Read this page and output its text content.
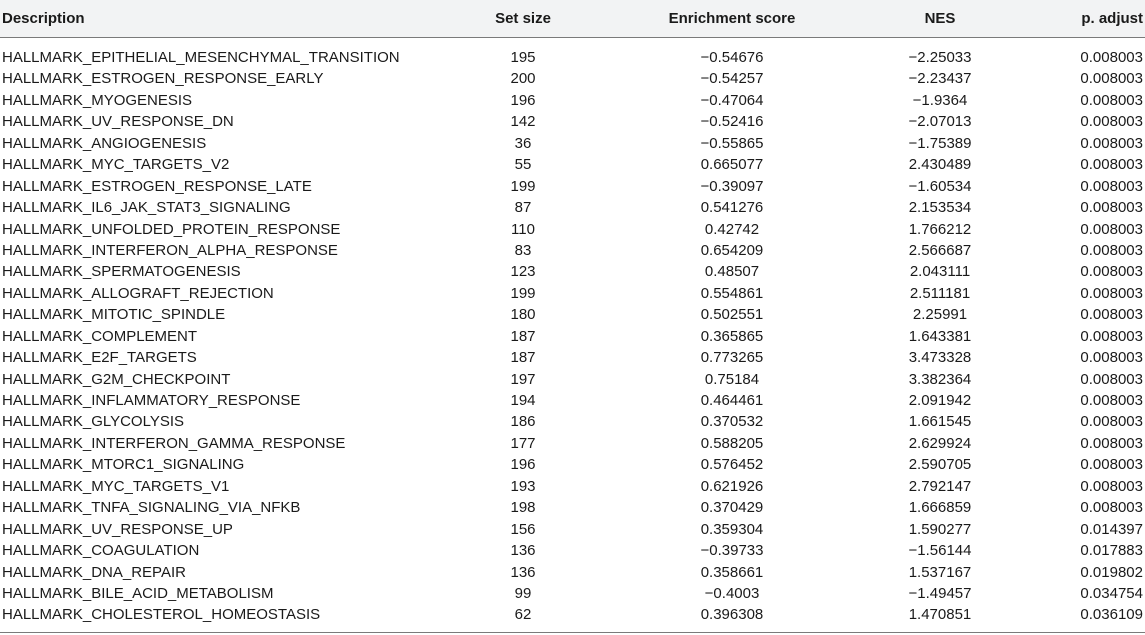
Description	Set size	Enrichment score	NES	p. adjust
HALLMARK_EPITHELIAL_MESENCHYMAL_TRANSITION	195	−0.54676	−2.25033	0.008003
HALLMARK_ESTROGEN_RESPONSE_EARLY	200	−0.54257	−2.23437	0.008003
HALLMARK_MYOGENESIS	196	−0.47064	−1.9364	0.008003
HALLMARK_UV_RESPONSE_DN	142	−0.52416	−2.07013	0.008003
HALLMARK_ANGIOGENESIS	36	−0.55865	−1.75389	0.008003
HALLMARK_MYC_TARGETS_V2	55	0.665077	2.430489	0.008003
HALLMARK_ESTROGEN_RESPONSE_LATE	199	−0.39097	−1.60534	0.008003
HALLMARK_IL6_JAK_STAT3_SIGNALING	87	0.541276	2.153534	0.008003
HALLMARK_UNFOLDED_PROTEIN_RESPONSE	110	0.42742	1.766212	0.008003
HALLMARK_INTERFERON_ALPHA_RESPONSE	83	0.654209	2.566687	0.008003
HALLMARK_SPERMATOGENESIS	123	0.48507	2.043111	0.008003
HALLMARK_ALLOGRAFT_REJECTION	199	0.554861	2.511181	0.008003
HALLMARK_MITOTIC_SPINDLE	180	0.502551	2.25991	0.008003
HALLMARK_COMPLEMENT	187	0.365865	1.643381	0.008003
HALLMARK_E2F_TARGETS	187	0.773265	3.473328	0.008003
HALLMARK_G2M_CHECKPOINT	197	0.75184	3.382364	0.008003
HALLMARK_INFLAMMATORY_RESPONSE	194	0.464461	2.091942	0.008003
HALLMARK_GLYCOLYSIS	186	0.370532	1.661545	0.008003
HALLMARK_INTERFERON_GAMMA_RESPONSE	177	0.588205	2.629924	0.008003
HALLMARK_MTORC1_SIGNALING	196	0.576452	2.590705	0.008003
HALLMARK_MYC_TARGETS_V1	193	0.621926	2.792147	0.008003
HALLMARK_TNFA_SIGNALING_VIA_NFKB	198	0.370429	1.666859	0.008003
HALLMARK_UV_RESPONSE_UP	156	0.359304	1.590277	0.014397
HALLMARK_COAGULATION	136	−0.39733	−1.56144	0.017883
HALLMARK_DNA_REPAIR	136	0.358661	1.537167	0.019802
HALLMARK_BILE_ACID_METABOLISM	99	−0.4003	−1.49457	0.034754
HALLMARK_CHOLESTEROL_HOMEOSTASIS	62	0.396308	1.470851	0.036109
